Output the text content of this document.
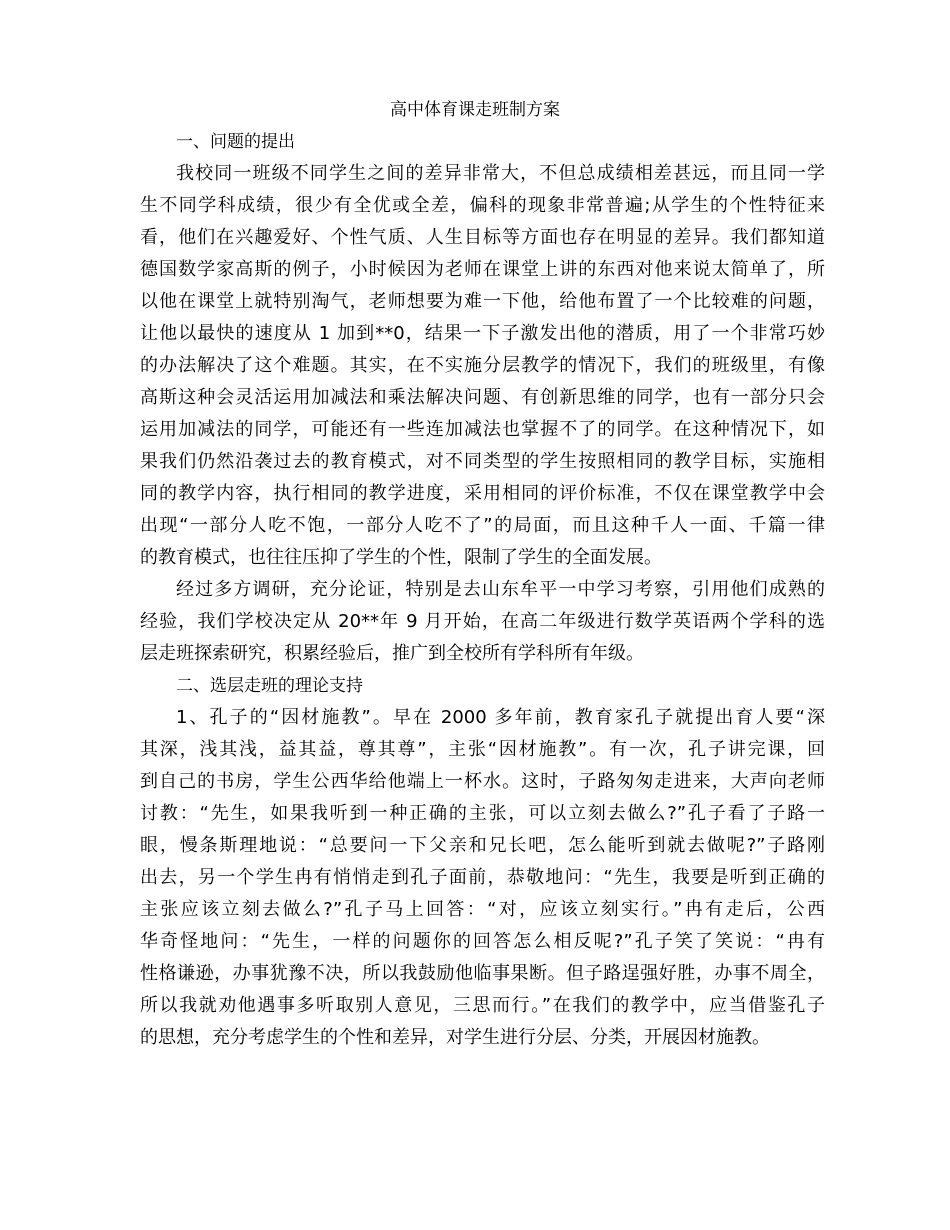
高中体育课走班制方案
一、问题的提出
我校同一班级不同学生之间的差异非常大，不但总成绩相差甚远，而且同一学
生不同学科成绩，很少有全优或全差，偏科的现象非常普遍;从学生的个性特征来
看，他们在兴趣爱好、个性气质、人生目标等方面也存在明显的差异。我们都知道
德国数学家高斯的例子，小时候因为老师在课堂上讲的东西对他来说太简单了，所
以他在课堂上就特别淘气，老师想要为难一下他，给他布置了一个比较难的问题，
让他以最快的速度从 1 加到**0，结果一下子激发出他的潜质，用了一个非常巧妙
的办法解决了这个难题。其实，在不实施分层教学的情况下，我们的班级里，有像
高斯这种会灵活运用加减法和乘法解决问题、有创新思维的同学，也有一部分只会
运用加减法的同学，可能还有一些连加减法也掌握不了的同学。在这种情况下，如
果我们仍然沿袭过去的教育模式，对不同类型的学生按照相同的教学目标，实施相
同的教学内容，执行相同的教学进度，采用相同的评价标准，不仅在课堂教学中会
出现“一部分人吃不饱，一部分人吃不了”的局面，而且这种千人一面、千篇一律
的教育模式，也往往压抑了学生的个性，限制了学生的全面发展。
经过多方调研，充分论证，特别是去山东牟平一中学习考察，引用他们成熟的
经验，我们学校决定从 20**年 9 月开始，在高二年级进行数学英语两个学科的选
层走班探索研究，积累经验后，推广到全校所有学科所有年级。
二、选层走班的理论支持
1、孔子的“因材施教”。早在 2000 多年前，教育家孔子就提出育人要“深
其深，浅其浅，益其益，尊其尊”，主张“因材施教”。有一次，孔子讲完课，回
到自己的书房，学生公西华给他端上一杯水。这时，子路匆匆走进来，大声向老师
讨教：“先生，如果我听到一种正确的主张，可以立刻去做么?”孔子看了子路一
眼，慢条斯理地说：“总要问一下父亲和兄长吧，怎么能听到就去做呢?”子路刚
出去，另一个学生冉有悄悄走到孔子面前，恭敬地问：“先生，我要是听到正确的
主张应该立刻去做么?”孔子马上回答：“对，应该立刻实行。”冉有走后，公西
华奇怪地问：“先生，一样的问题你的回答怎么相反呢?”孔子笑了笑说：“冉有
性格谦逊，办事犹豫不决，所以我鼓励他临事果断。但子路逞强好胜，办事不周全，
所以我就劝他遇事多听取别人意见，三思而行。”在我们的教学中，应当借鉴孔子
的思想，充分考虑学生的个性和差异，对学生进行分层、分类，开展因材施教。
